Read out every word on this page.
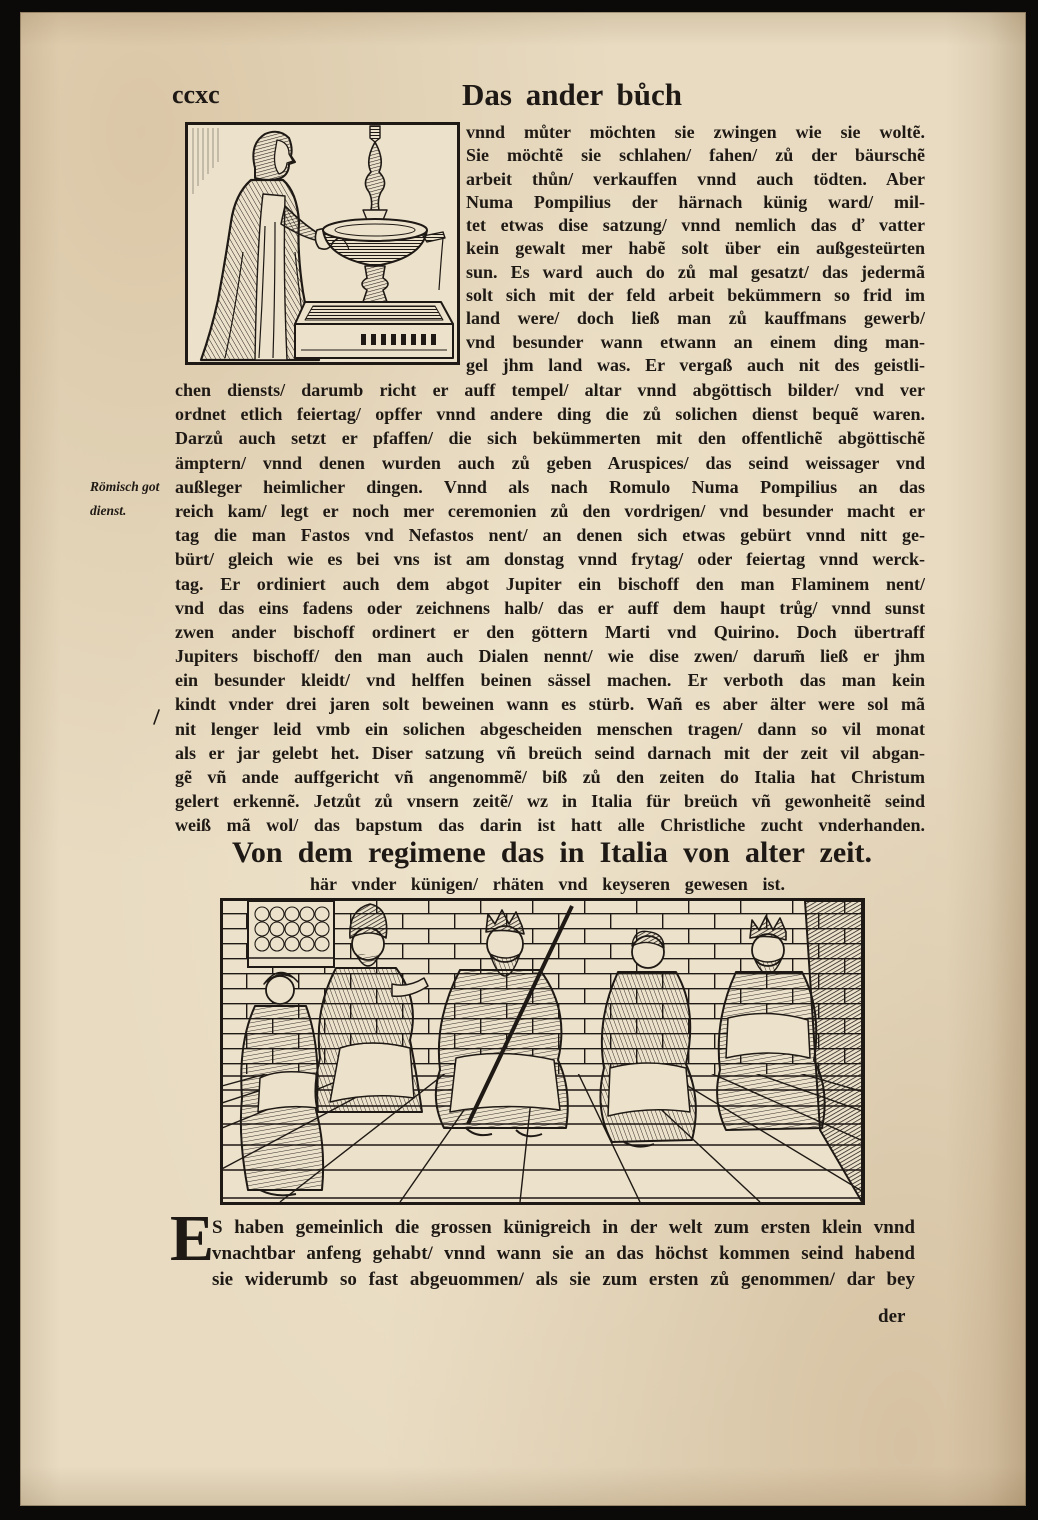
ccxc	Das ander bůch
vnnd můter möchten sie zwingen wie sie woltẽ.
Sie möchtẽ sie schlahen/ fahen/ zů der bäurschẽ
arbeit thůn/ verkauffen vnnd auch tödten. Aber
Numa Pompilius der härnach künig ward/ mil-
tet etwas dise satzung/ vnnd nemlich das ď vatter
kein gewalt mer habẽ solt über ein außgesteürten
sun. Es ward auch do zů mal gesatzt/ das jedermã
solt sich mit der feld arbeit bekümmern so frid im
land were/ doch ließ man zů kauffmans gewerb/
vnd besunder wann etwann an einem ding man-
gel jhm land was. Er vergaß auch nit des geistli-
chen diensts/ darumb richt er auff tempel/ altar vnnd abgöttisch bilder/ vnd ver
ordnet etlich feiertag/ opffer vnnd andere ding die zů solichen dienst bequẽ waren.
Darzů auch setzt er pfaffen/ die sich bekümmerten mit den offentlichẽ abgöttischẽ
ämptern/ vnnd denen wurden auch zů geben Aruspices/ das seind weissager vnd
außleger heimlicher dingen. Vnnd als nach Romulo Numa Pompilius an das
reich kam/ legt er noch mer ceremonien zů den vordrigen/ vnd besunder macht er
tag die man Fastos vnd Nefastos nent/ an denen sich etwas gebürt vnnd nitt ge-
bürt/ gleich wie es bei vns ist am donstag vnnd frytag/ oder feiertag vnnd werck-
tag. Er ordiniert auch dem abgot Jupiter ein bischoff den man Flaminem nent/
vnd das eins fadens oder zeichnens halb/ das er auff dem haupt trůg/ vnnd sunst
zwen ander bischoff ordinert er den göttern Marti vnd Quirino. Doch übertraff
Jupiters bischoff/ den man auch Dialen nennt/ wie dise zwen/ darum̃ ließ er jhm
ein besunder kleidt/ vnd helffen beinen sässel machen. Er verboth das man kein
kindt vnder drei jaren solt beweinen wann es stürb. Wañ es aber älter were sol mã
nit lenger leid vmb ein solichen abgescheiden menschen tragen/ dann so vil monat
als er jar gelebt het. Diser satzung vñ breüch seind darnach mit der zeit vil abgan-
gẽ vñ ande auffgericht vñ angenommẽ/ biß zů den zeiten do Italia hat Christum
gelert erkennẽ. Jetzůt zů vnsern zeitẽ/ wz in Italia für breüch vñ gewonheitẽ seind
weiß mã wol/ das bapstum das darin ist hatt alle Christliche zucht vnderhanden.
Römisch got
dienst.
Von dem regimene das in Italia von alter zeit.
här vnder künigen/ rhäten vnd keyseren gewesen ist.
E
S haben gemeinlich die grossen künigreich in der welt zum ersten klein vnnd
vnachtbar anfeng gehabt/ vnnd wann sie an das höchst kommen seind habend
sie widerumb so fast abgeuommen/ als sie zum ersten zů genommen/ dar bey
der
